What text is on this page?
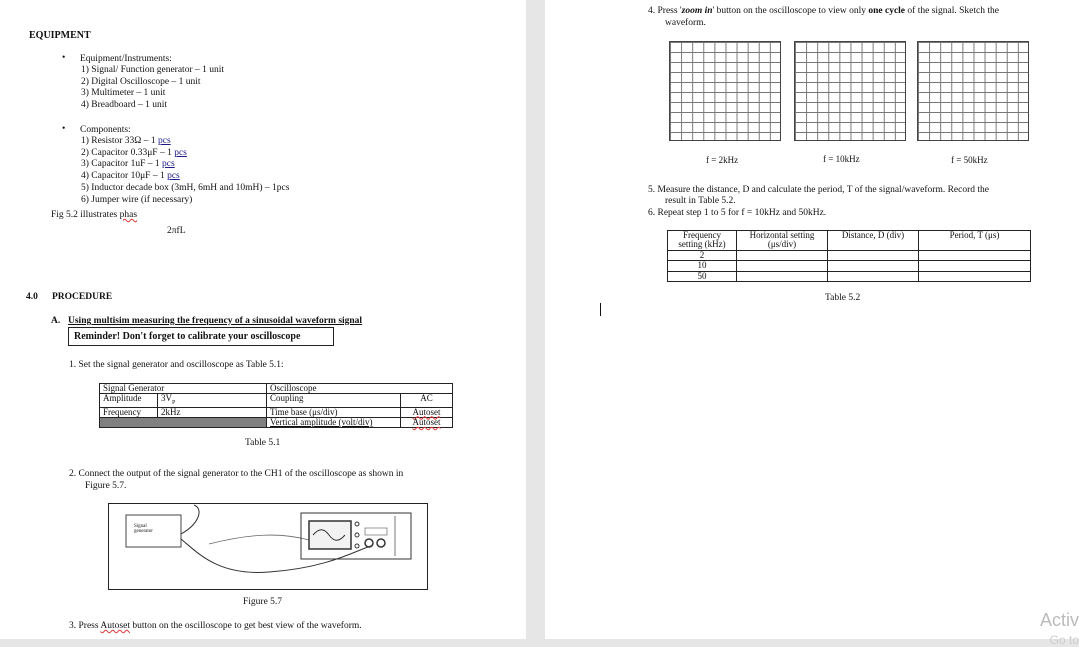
EQUIPMENT
• Equipment/Instruments:
1) Signal/ Function generator – 1 unit
2) Digital Oscilloscope – 1 unit
3) Multimeter – 1 unit
4) Breadboard – 1 unit
• Components:
1) Resistor 33Ω – 1 pcs
2) Capacitor 0.33μF – 1 pcs
3) Capacitor 1uF – 1 pcs
4) Capacitor 10μF – 1 pcs
5) Inductor decade box (3mH, 6mH and 10mH) – 1pcs
6) Jumper wire (if necessary)
Fig 5.2 illustrates phas
2πfL
4.0 PROCEDURE
A. Using multisim measuring the frequency of a sinusoidal waveform signal
Reminder! Don't forget to calibrate your oscilloscope
1. Set the signal generator and oscilloscope as Table 5.1:
Signal Generator		Oscilloscope	
Amplitude	$3V_P$	Coupling	AC
Frequency	2kHz	Time base (μs/div)	Autoset
		Vertical amplitude (volt/div)	Autoset
Table 5.1
2. Connect the output of the signal generator to the CH1 of the oscilloscope as shown in
Figure 5.7.
Signal
generator
Figure 5.7
3. Press Autoset button on the oscilloscope to get best view of the waveform.
4. Press 'zoom in' button on the oscilloscope to view only one cycle of the signal. Sketch the
waveform.
f = 2kHz	f = 10kHz	f = 50kHz
5. Measure the distance, D and calculate the period, T of the signal/waveform. Record the
result in Table 5.2.
6. Repeat step 1 to 5 for f = 10kHz and 50kHz.
Frequency setting (kHz)	Horizontal setting (μs/div)	Distance, D (div)	Period, T (μs)
2			
10			
50			
Table 5.2
Activ
Go to
